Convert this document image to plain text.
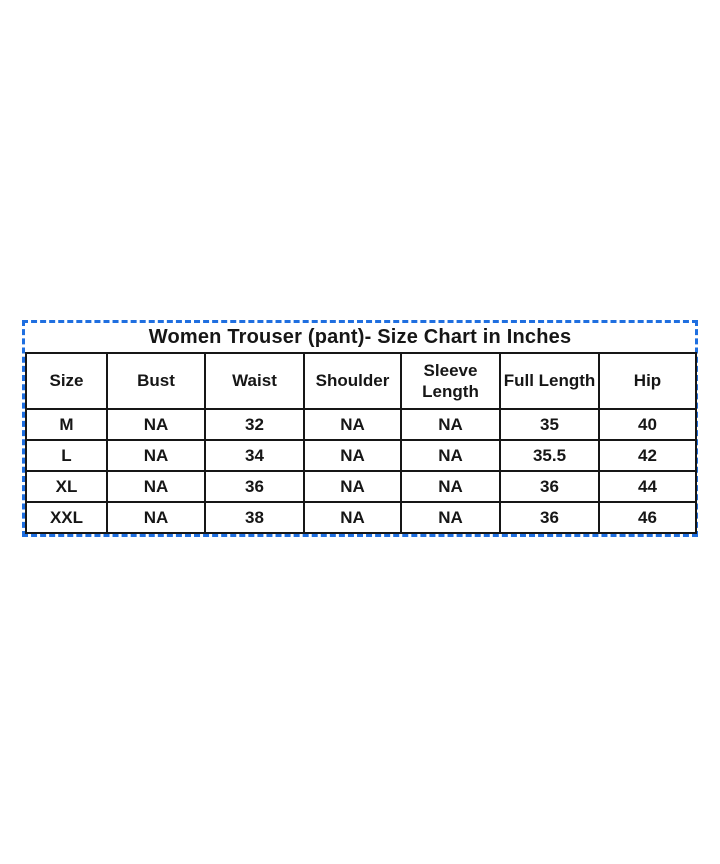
Women Trouser (pant)- Size Chart in Inches
Size	Bust	Waist	Shoulder	Sleeve Length	Full Length	Hip
M	NA	32	NA	NA	35	40
L	NA	34	NA	NA	35.5	42
XL	NA	36	NA	NA	36	44
XXL	NA	38	NA	NA	36	46
